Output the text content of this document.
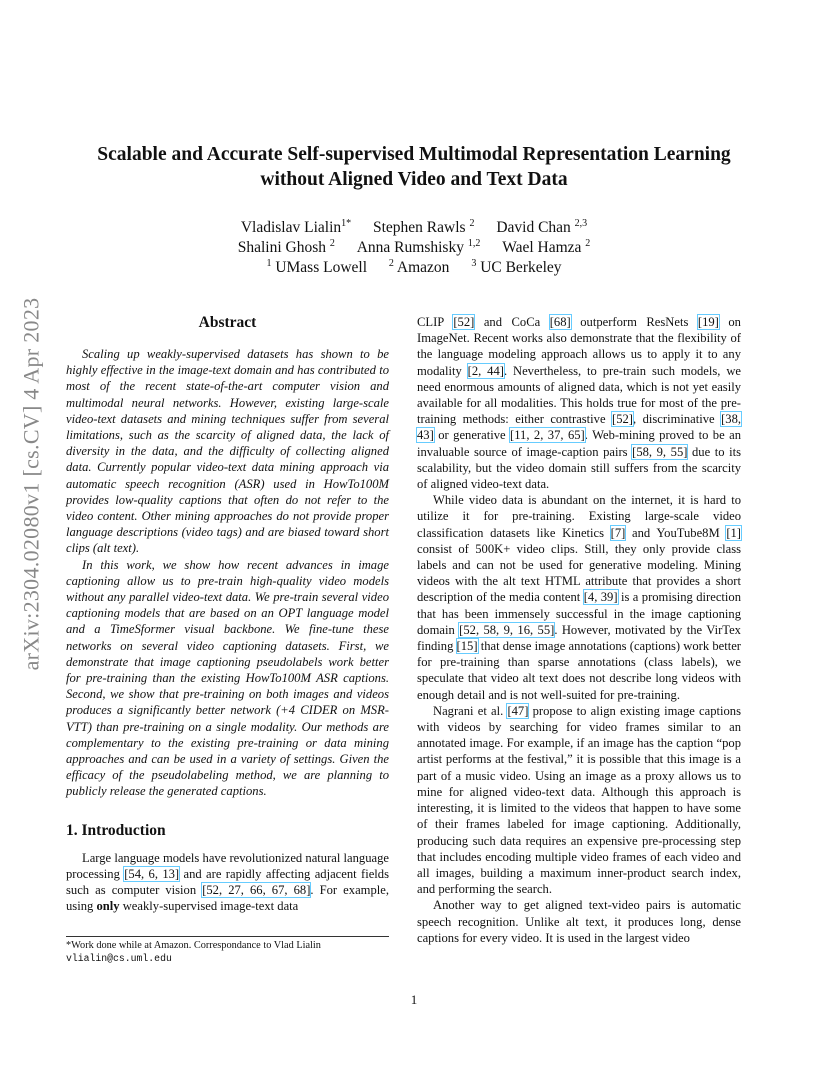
arXiv:2304.02080v1 [cs.CV] 4 Apr 2023
Scalable and Accurate Self-supervised Multimodal Representation Learning
without Aligned Video and Text Data
Vladislav Lialin$^{1*}$ Stephen Rawls $^2$ David Chan $^{2,3}$
Shalini Ghosh $^2$ Anna Rumshisky $^{1,2}$ Wael Hamza $^2$
$^1$ UMass Lowell $^2$ Amazon $^3$ UC Berkeley
Abstract

Scaling up weakly-supervised datasets has shown to be highly effective in the image-text domain and has contributed to most of the recent state-of-the-art computer vision and multimodal neural networks. However, existing large-scale video-text datasets and mining techniques suffer from several limitations, such as the scarcity of aligned data, the lack of diversity in the data, and the difficulty of collecting aligned data. Currently popular video-text data mining approach via automatic speech recognition (ASR) used in HowTo100M provides low-quality captions that often do not refer to the video content. Other mining approaches do not provide proper language descriptions (video tags) and are biased toward short clips (alt text).

In this work, we show how recent advances in image captioning allow us to pre-train high-quality video models without any parallel video-text data. We pre-train several video captioning models that are based on an OPT language model and a TimeSformer visual backbone. We fine-tune these networks on several video captioning datasets. First, we demonstrate that image captioning pseudolabels work better for pre-training than the existing HowTo100M ASR captions. Second, we show that pre-training on both images and videos produces a significantly better network (+4 CIDER on MSR-VTT) than pre-training on a single modality. Our methods are complementary to the existing pre-training or data mining approaches and can be used in a variety of settings. Given the efficacy of the pseudolabeling method, we are planning to publicly release the generated captions.

1. Introduction

Large language models have revolutionized natural language processing [54, 6, 13] and are rapidly affecting adjacent fields such as computer vision [52, 27, 66, 67, 68]. For example, using only weakly-supervised image-text data

*Work done while at Amazon. Correspondance to Vlad Lialin
vlialin@cs.uml.edu

CLIP [52] and CoCa [68] outperform ResNets [19] on ImageNet. Recent works also demonstrate that the flexibility of the language modeling approach allows us to apply it to any modality [2, 44]. Nevertheless, to pre-train such models, we need enormous amounts of aligned data, which is not yet easily available for all modalities. This holds true for most of the pre-training methods: either contrastive [52], discriminative [38, 43] or generative [11, 2, 37, 65]. Web-mining proved to be an invaluable source of image-caption pairs [58, 9, 55] due to its scalability, but the video domain still suffers from the scarcity of aligned video-text data.

While video data is abundant on the internet, it is hard to utilize it for pre-training. Existing large-scale video classification datasets like Kinetics [7] and YouTube8M [1] consist of 500K+ video clips. Still, they only provide class labels and can not be used for generative modeling. Mining videos with the alt text HTML attribute that provides a short description of the media content [4, 39] is a promising direction that has been immensely successful in the image captioning domain [52, 58, 9, 16, 55]. However, motivated by the VirTex finding [15] that dense image annotations (captions) work better for pre-training than sparse annotations (class labels), we speculate that video alt text does not describe long videos with enough detail and is not well-suited for pre-training.

Nagrani et al. [47] propose to align existing image captions with videos by searching for video frames similar to an annotated image. For example, if an image has the caption “pop artist performs at the festival,” it is possible that this image is a part of a music video. Using an image as a proxy allows us to mine for aligned video-text data. Although this approach is interesting, it is limited to the videos that happen to have some of their frames labeled for image captioning. Additionally, producing such data requires an expensive pre-processing step that includes encoding multiple video frames of each video and all images, building a maximum inner-product search index, and performing the search.

Another way to get aligned text-video pairs is automatic speech recognition. Unlike alt text, it produces long, dense captions for every video. It is used in the largest video

1
